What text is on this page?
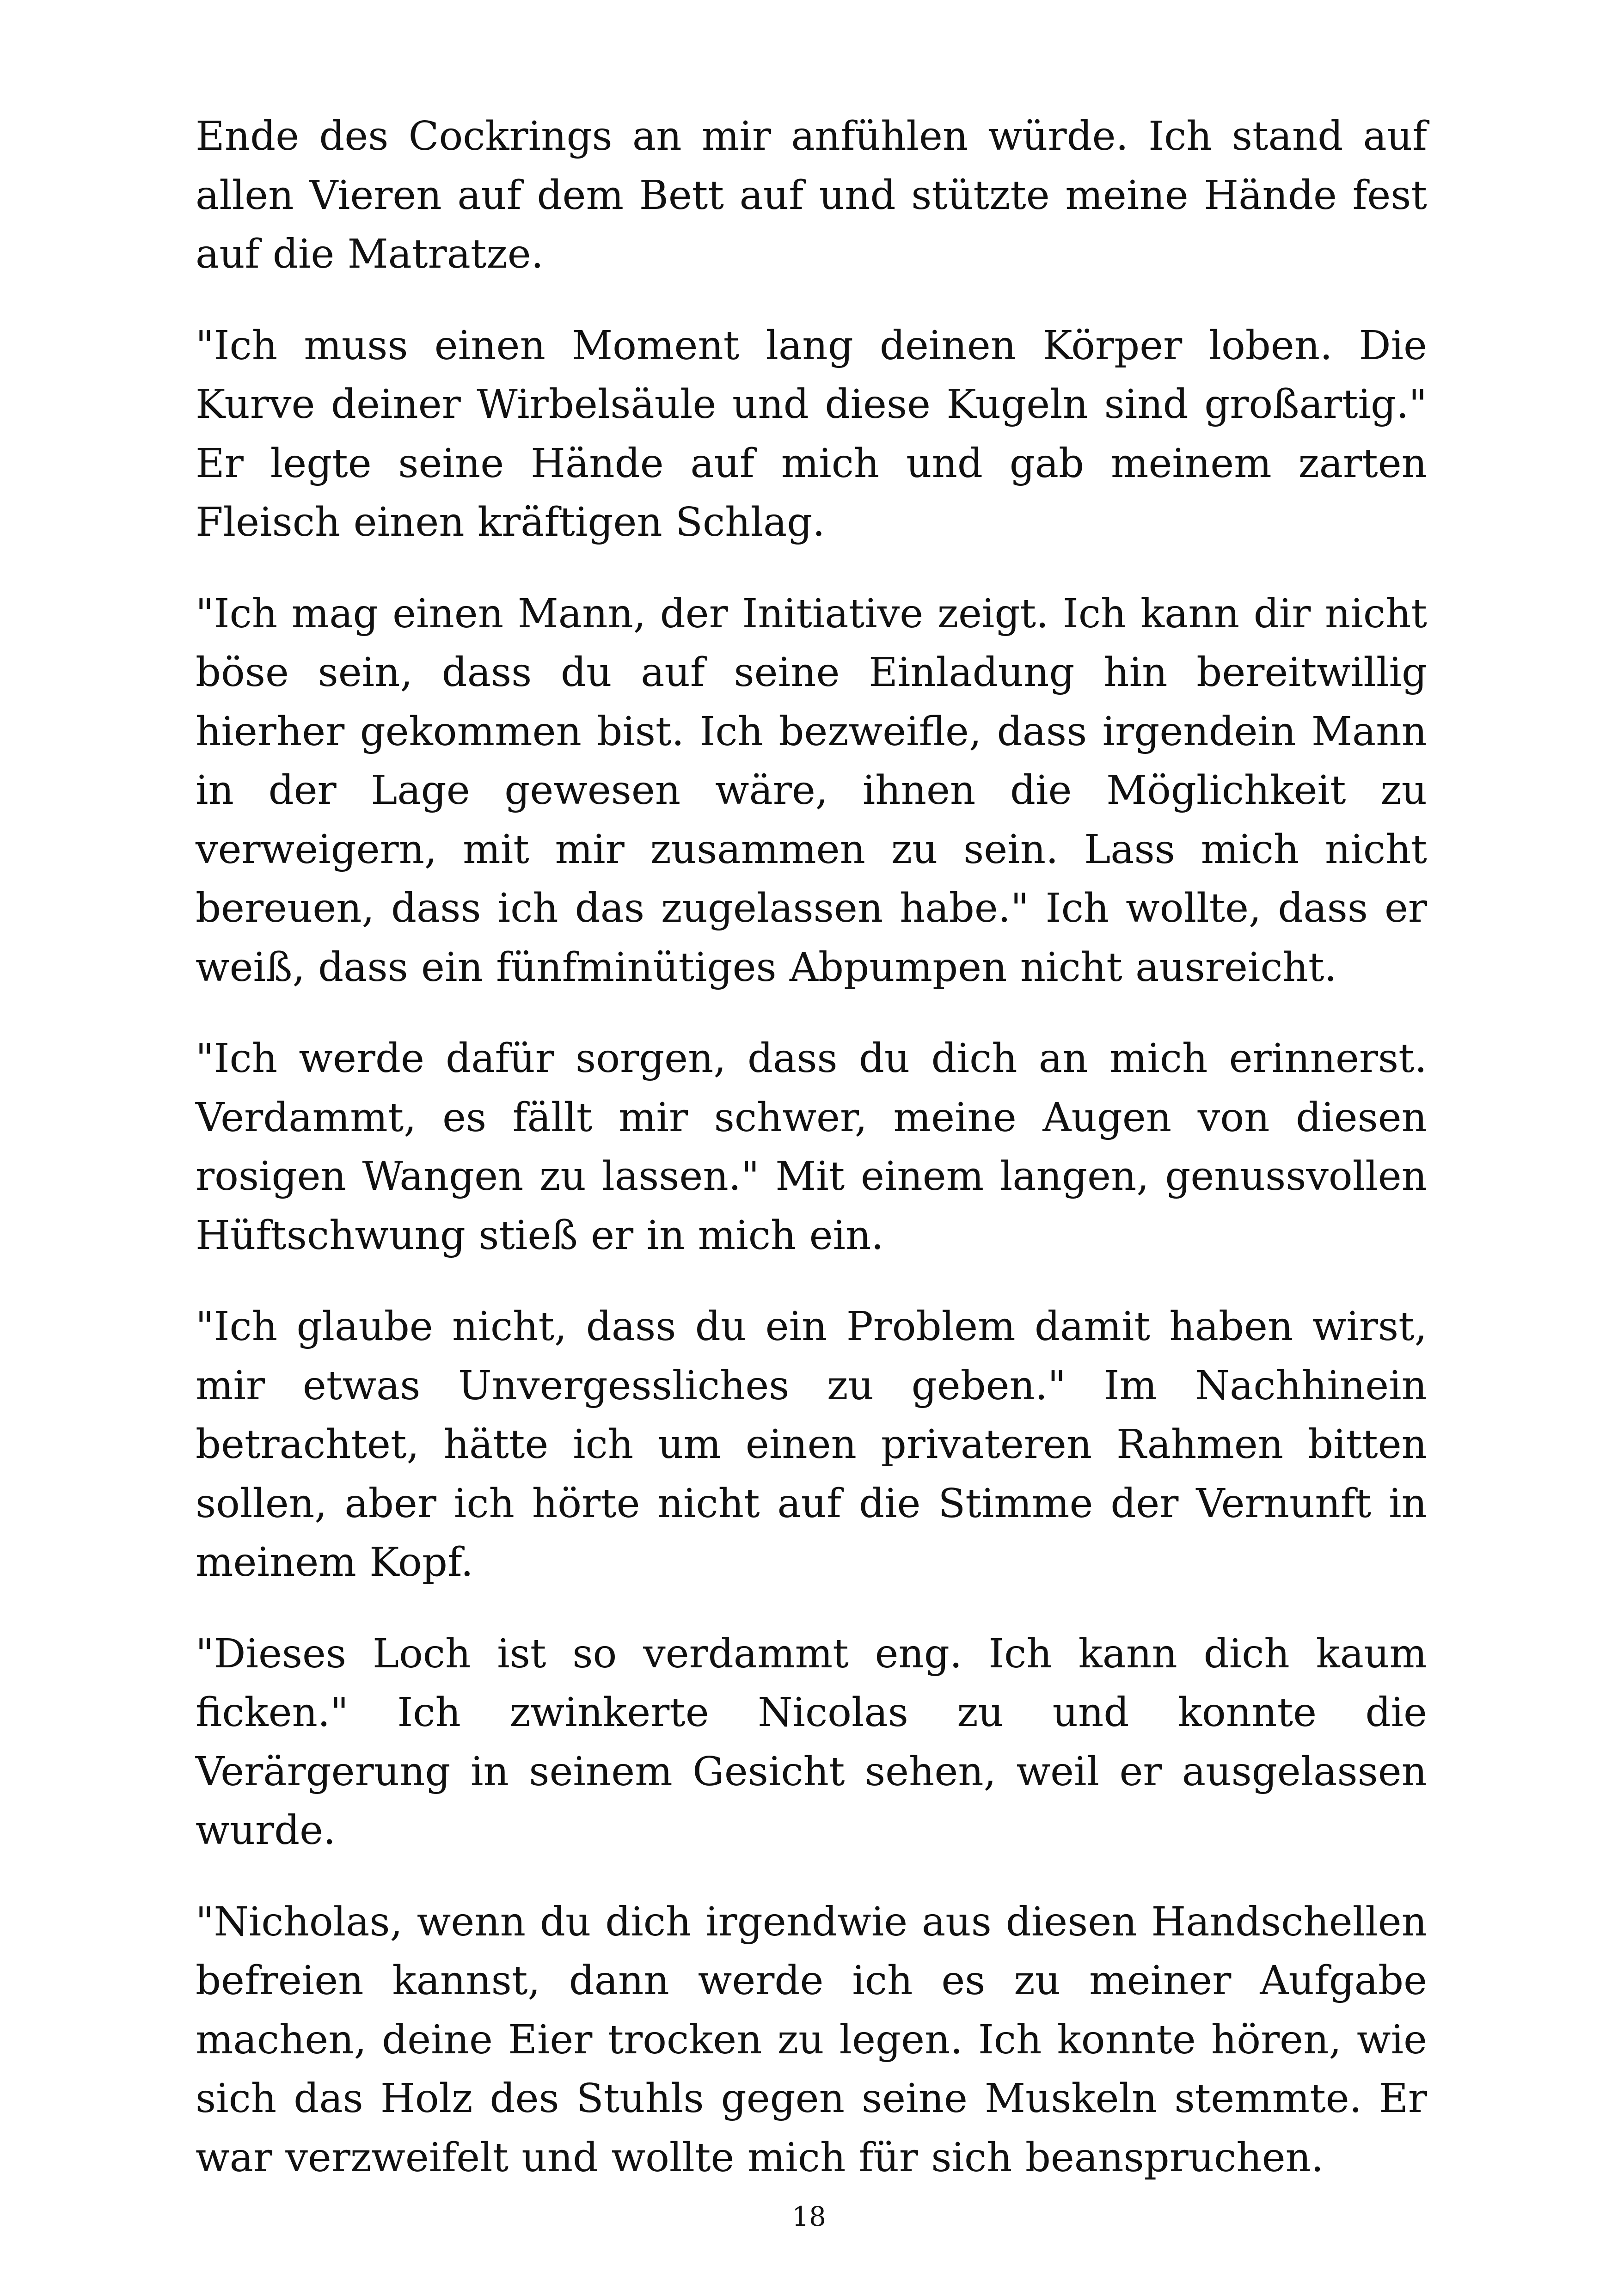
Ende des Cockrings an mir anfühlen würde. Ich stand auf allen Vieren auf dem Bett auf und stützte meine Hände fest auf die Matratze.

"Ich muss einen Moment lang deinen Körper loben. Die Kurve deiner Wirbelsäule und diese Kugeln sind großartig." Er legte seine Hände auf mich und gab meinem zarten Fleisch einen kräftigen Schlag.

"Ich mag einen Mann, der Initiative zeigt. Ich kann dir nicht böse sein, dass du auf seine Einladung hin bereitwillig hierher gekommen bist. Ich bezweifle, dass irgendein Mann in der Lage gewesen wäre, ihnen die Möglichkeit zu verweigern, mit mir zusammen zu sein. Lass mich nicht bereuen, dass ich das zugelassen habe." Ich wollte, dass er weiß, dass ein fünfminütiges Abpumpen nicht ausreicht.

"Ich werde dafür sorgen, dass du dich an mich erinnerst. Verdammt, es fällt mir schwer, meine Augen von diesen rosigen Wangen zu lassen." Mit einem langen, genussvollen Hüftschwung stieß er in mich ein.

"Ich glaube nicht, dass du ein Problem damit haben wirst, mir etwas Unvergessliches zu geben." Im Nachhinein betrachtet, hätte ich um einen privateren Rahmen bitten sollen, aber ich hörte nicht auf die Stimme der Vernunft in meinem Kopf.

"Dieses Loch ist so verdammt eng. Ich kann dich kaum ficken." Ich zwinkerte Nicolas zu und konnte die Verärgerung in seinem Gesicht sehen, weil er ausgelassen wurde.

"Nicholas, wenn du dich irgendwie aus diesen Handschellen befreien kannst, dann werde ich es zu meiner Aufgabe machen, deine Eier trocken zu legen. Ich konnte hören, wie sich das Holz des Stuhls gegen seine Muskeln stemmte. Er war verzweifelt und wollte mich für sich beanspruchen.

18
